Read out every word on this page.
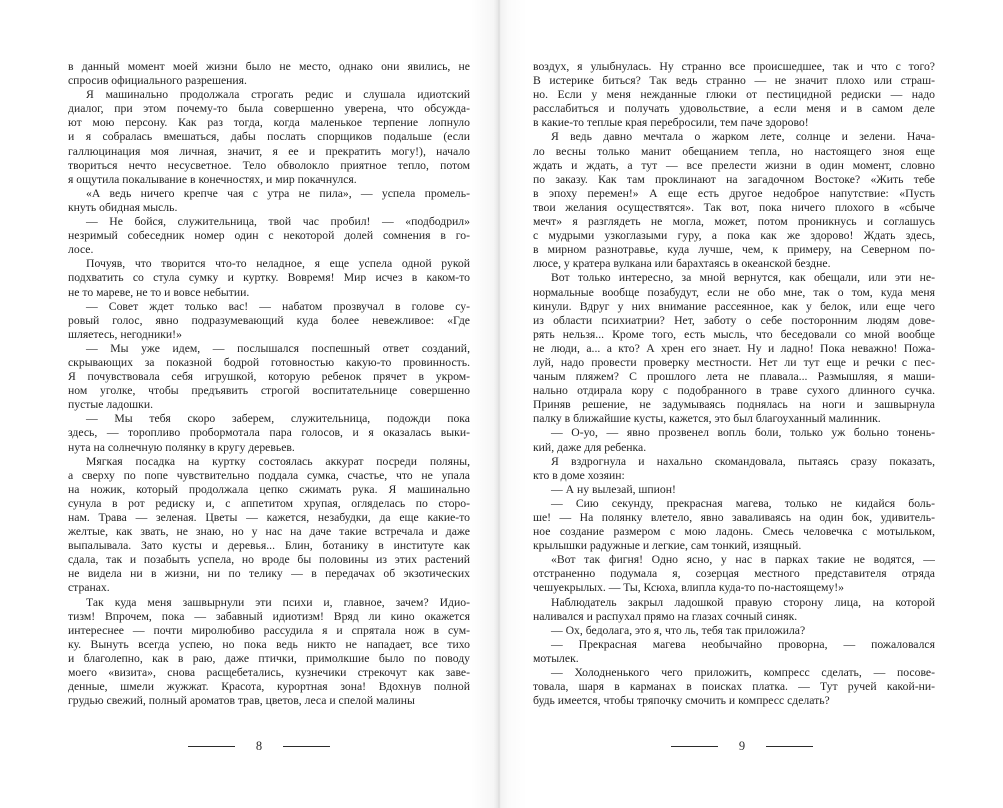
в данный момент моей жизни было не место, однако они явились, не
спросив официального разрешения.

Я машинально продолжала строгать редис и слушала идиотский
диалог, при этом почему-то была совершенно уверена, что обсужда-
ют мою персону. Как раз тогда, когда маленькое терпение лопнуло
и я собралась вмешаться, дабы послать спорщиков подальше (если
галлюцинация моя личная, значит, я ее и прекратить могу!), начало
твориться нечто несусветное. Тело обволокло приятное тепло, потом
я ощутила покалывание в конечностях, и мир покачнулся.

«А ведь ничего крепче чая с утра не пила», — успела промель-
кнуть обидная мысль.

— Не бойся, служительница, твой час пробил! — «подбодрил»
незримый собеседник номер один с некоторой долей сомнения в го-
лосе.

Почуяв, что творится что-то неладное, я еще успела одной рукой
подхватить со стула сумку и куртку. Вовремя! Мир исчез в каком-то
не то мареве, не то и вовсе небытии.

— Совет ждет только вас! — набатом прозвучал в голове су-
ровый голос, явно подразумевающий куда более невежливое: «Где
шляетесь, негодники!»

— Мы уже идем, — послышался поспешный ответ созданий,
скрывающих за показной бодрой готовностью какую-то провинность.
Я почувствовала себя игрушкой, которую ребенок прячет в укром-
ном уголке, чтобы предъявить строгой воспитательнице совершенно
пустые ладошки.

— Мы тебя скоро заберем, служительница, подожди пока
здесь, — торопливо пробормотала пара голосов, и я оказалась выки-
нута на солнечную полянку в кругу деревьев.

Мягкая посадка на куртку состоялась аккурат посреди поляны,
а сверху по попе чувствительно поддала сумка, счастье, что не упала
на ножик, который продолжала цепко сжимать рука. Я машинально
сунула в рот редиску и, с аппетитом хрупая, огляделась по сторо-
нам. Трава — зеленая. Цветы — кажется, незабудки, да еще какие-то
желтые, как звать, не знаю, но у нас на даче такие встречала и даже
выпалывала. Зато кусты и деревья... Блин, ботанику в институте как
сдала, так и позабыть успела, но вроде бы половины из этих растений
не видела ни в жизни, ни по телику — в передачах об экзотических
странах.

Так куда меня зашвырнули эти психи и, главное, зачем? Идио-
тизм! Впрочем, пока — забавный идиотизм! Вряд ли кино окажется
интереснее — почти миролюбиво рассудила я и спрятала нож в сум-
ку. Вынуть всегда успею, но пока ведь никто не нападает, все тихо
и благолепно, как в раю, даже птички, примолкшие было по поводу
моего «визита», снова расщебетались, кузнечики стрекочут как заве-
денные, шмели жужжат. Красота, курортная зона! Вдохнув полной
грудью свежий, полный ароматов трав, цветов, леса и спелой малины

8

воздух, я улыбнулась. Ну странно все происшедшее, так и что с того?
В истерике биться? Так ведь странно — не значит плохо или страш-
но. Если у меня нежданные глюки от пестицидной редиски — надо
расслабиться и получать удовольствие, а если меня и в самом деле
в какие-то теплые края перебросили, тем паче здорово!

Я ведь давно мечтала о жарком лете, солнце и зелени. Нача-
ло весны только манит обещанием тепла, но настоящего зноя еще
ждать и ждать, а тут — все прелести жизни в один момент, словно
по заказу. Как там проклинают на загадочном Востоке? «Жить тебе
в эпоху перемен!» А еще есть другое недоброе напутствие: «Пусть
твои желания осуществятся». Так вот, пока ничего плохого в «сбыче
мечт» я разглядеть не могла, может, потом проникнусь и соглашусь
с мудрыми узкоглазыми гуру, а пока как же здорово! Ждать здесь,
в мирном разнотравье, куда лучше, чем, к примеру, на Северном по-
люсе, у кратера вулкана или барахтаясь в океанской бездне.

Вот только интересно, за мной вернутся, как обещали, или эти не-
нормальные вообще позабудут, если не обо мне, так о том, куда меня
кинули. Вдруг у них внимание рассеянное, как у белок, или еще чего
из области психиатрии? Нет, заботу о себе посторонним людям дове-
рять нельзя... Кроме того, есть мысль, что беседовали со мной вообще
не люди, а... а кто? А хрен его знает. Ну и ладно! Пока неважно! Пожа-
луй, надо провести проверку местности. Нет ли тут еще и речки с пес-
чаным пляжем? С прошлого лета не плавала... Размышляя, я маши-
нально отдирала кору с подобранного в траве сухого длинного сучка.
Приняв решение, не задумываясь поднялась на ноги и зашвырнула
палку в ближайшие кусты, кажется, это был благоуханный малинник.

— О-уо, — явно прозвенел вопль боли, только уж больно тонень-
кий, даже для ребенка.

Я вздрогнула и нахально скомандовала, пытаясь сразу показать,
кто в доме хозяин:

— А ну вылезай, шпион!

— Сию секунду, прекрасная магева, только не кидайся боль-
ше! — На полянку влетело, явно заваливаясь на один бок, удивитель-
ное создание размером с мою ладонь. Смесь человечка с мотыльком,
крылышки радужные и легкие, сам тонкий, изящный.

«Вот так фигня! Одно ясно, у нас в парках такие не водятся, —
отстраненно подумала я, созерцая местного представителя отряда
чешуекрылых. — Ты, Ксюха, влипла куда-то по-настоящему!»

Наблюдатель закрыл ладошкой правую сторону лица, на которой
наливался и распухал прямо на глазах сочный синяк.

— Ох, бедолага, это я, что ль, тебя так приложила?

— Прекрасная магева необычайно проворна, — пожаловался
мотылек.

— Холодненького чего приложить, компресс сделать, — посове-
товала, шаря в карманах в поисках платка. — Тут ручей какой-ни-
будь имеется, чтобы тряпочку смочить и компресс сделать?

9
